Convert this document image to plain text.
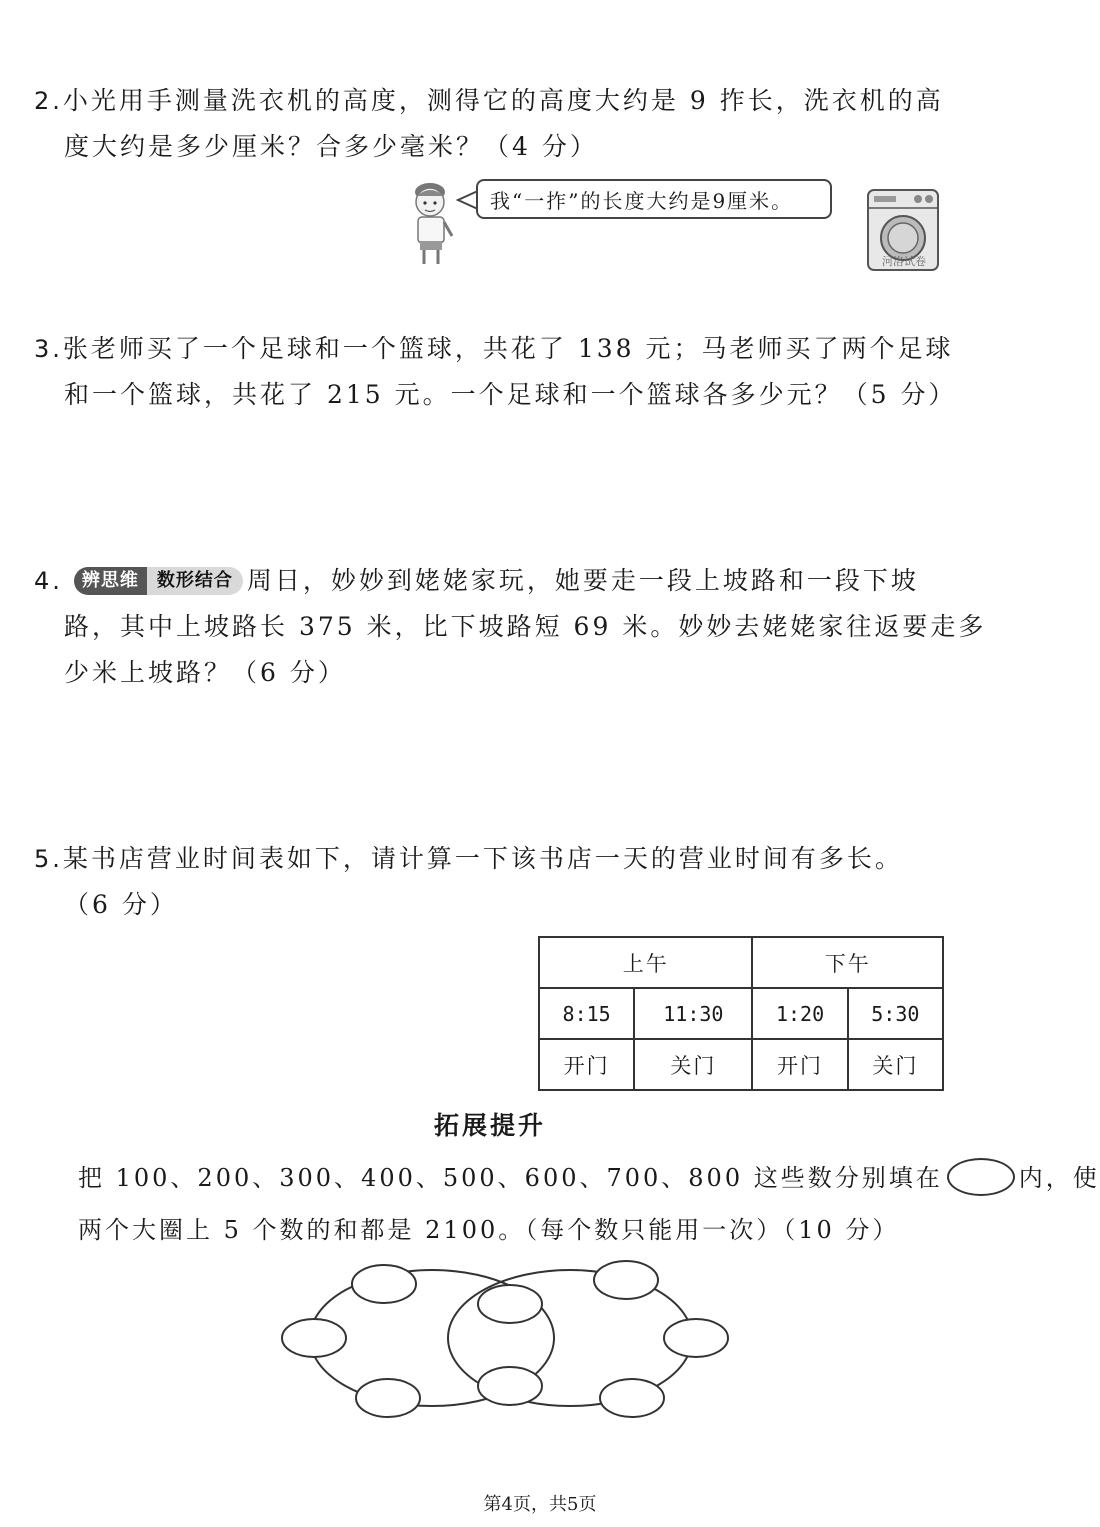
2.小光用手测量洗衣机的高度，测得它的高度大约是 9 拃长，洗衣机的高
度大约是多少厘米？合多少毫米？（4 分）
我“一拃”的长度大约是9厘米。
河洛试卷
3.张老师买了一个足球和一个篮球，共花了 138 元；马老师买了两个足球
和一个篮球，共花了 215 元。一个足球和一个篮球各多少元？（5 分）
4.	辨思维	数形结合 周日，妙妙到姥姥家玩，她要走一段上坡路和一段下坡
路，其中上坡路长 375 米，比下坡路短 69 米。妙妙去姥姥家往返要走多
少米上坡路？（6 分）
5.某书店营业时间表如下，请计算一下该书店一天的营业时间有多长。
（6 分）
上午		下午	
8:15	11:30	1:20	5:30
开门	关门	开门	关门
拓展提升
把 100、200、300、400、500、600、700、800 这些数分别填在	内，使
两个大圈上 5 个数的和都是 2100。（每个数只能用一次）（10 分）
第4页，共5页
